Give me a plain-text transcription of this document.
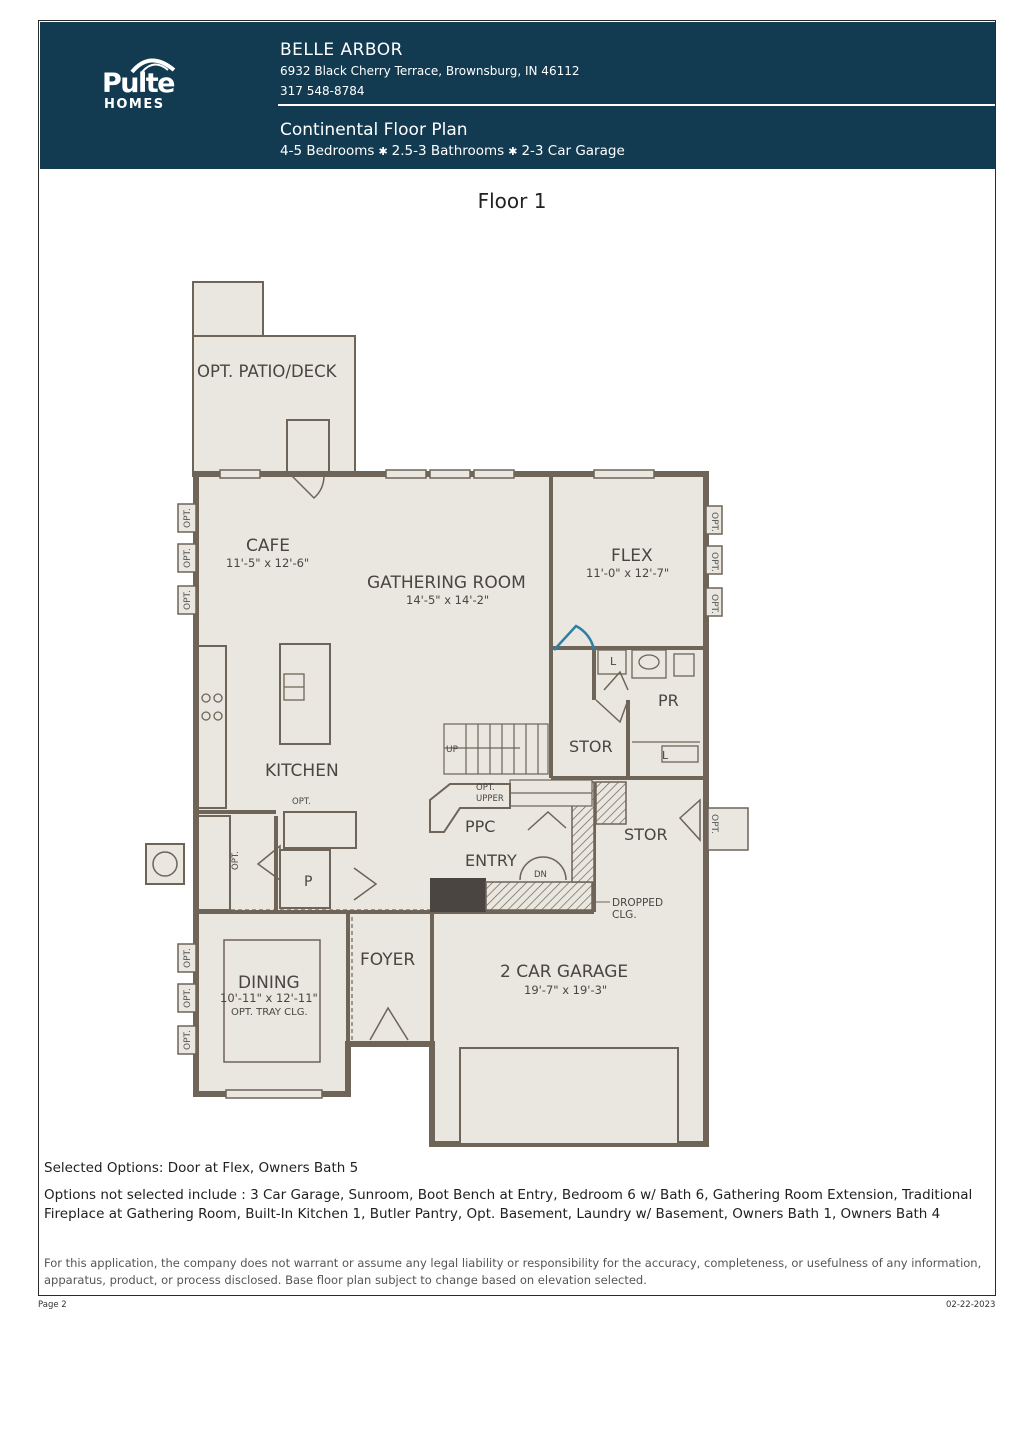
Pulte
HOMES
BELLE ARBOR
6932 Black Cherry Terrace, Brownsburg, IN 46112
317 548-8784
Continental Floor Plan
4-5 Bedrooms ✱ 2.5-3 Bathrooms ✱ 2-3 Car Garage
Floor 1
OPT.
OPT.
OPT.
OPT.
OPT.
OPT.
OPT.
OPT.
OPT.
OPT.
OPT. PATIO/DECK
CAFE
11'-5" x 12'-6"
GATHERING ROOM
14'-5" x 14'-2"
FLEX
11'-0" x 12'-7"
KITCHEN
PR
L
L
STOR
STOR
PPC
ENTRY
OPT.
UPPER
UP
DN
OPT.
OPT.
P
DROPPED
CLG.
DINING
10'-11" x 12'-11"
OPT. TRAY CLG.
FOYER
2 CAR GARAGE
19'-7" x 19'-3"
Selected Options: Door at Flex, Owners Bath 5
Options not selected include : 3 Car Garage, Sunroom, Boot Bench at Entry, Bedroom 6 w/ Bath 6, Gathering Room Extension, Traditional Fireplace at Gathering Room, Built-In Kitchen 1, Butler Pantry, Opt. Basement, Laundry w/ Basement, Owners Bath 1, Owners Bath 4
For this application, the company does not warrant or assume any legal liability or responsibility for the accuracy, completeness, or usefulness of any information, apparatus, product, or process disclosed. Base floor plan subject to change based on elevation selected.
Page 2	02-22-2023
